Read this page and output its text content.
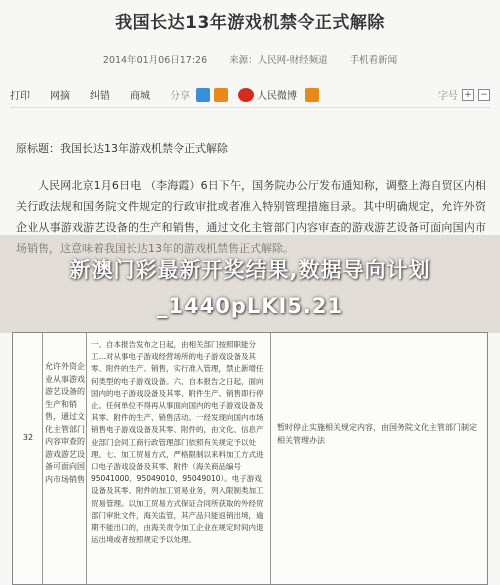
我国长达13年游戏机禁令正式解除
2014年01月06日17:26 来源：人民网-财经频道 手机看新闻
打印 网摘 纠错 商城 分享	人民微博	字号 + −
原标题：我国长达13年游戏机禁令正式解除
人民网北京1月6日电 （李海霞）6日下午，国务院办公厅发布通知称，调整上海自贸区内相关行政法规和国务院文件规定的行政审批或者准入特别管理措施目录。其中明确规定，允许外资企业从事游戏游艺设备的生产和销售，通过文化主管部门内容审查的游戏游艺设备可面向国内市场销售，这意味着我国长达13年的游戏机禁售正式解除。
新澳门彩最新开奖结果,数据导向计划_1440pLKI5.21
32
允许外资企业从事游戏游艺设备的生产和销售，通过文化主管部门内容审查的游戏游艺设备可面向国内市场销售
一、自本报告发布之日起，由相关部门按照职能分工…对从事电子游戏经营场所的电子游戏设备及其零、附件的生产、销售，实行准入管理，禁止新增任何类型的电子游戏设备。六、自本报告之日起，面向国内的电子游戏设备及其零、附件生产、销售即行停止。任何单位不得再从事面向国内的电子游戏设备及其零、附件的生产、销售活动。一经发现向国内市场销售电子游戏设备及其零、附件的，由文化、信息产业部门会同工商行政管理部门依照有关规定予以处理。七、加工贸易方式，严格限制以来料加工方式进口电子游戏设备及其零、附件（海关商品编号95041000、95049010、95049010）。电子游戏设备及其零、附件的加工贸易业务，列入限制类加工贸易管理。以加工贸易方式保证合同所获取的外经贸部门审批文件，海关监管，其产品只能返销出境，逾期不能出口的，由海关责令加工企业在规定时间内退运出境或者按照规定予以处理。
暂时停止实施相关规定内容，由国务院文化主管部门制定相关管理办法
